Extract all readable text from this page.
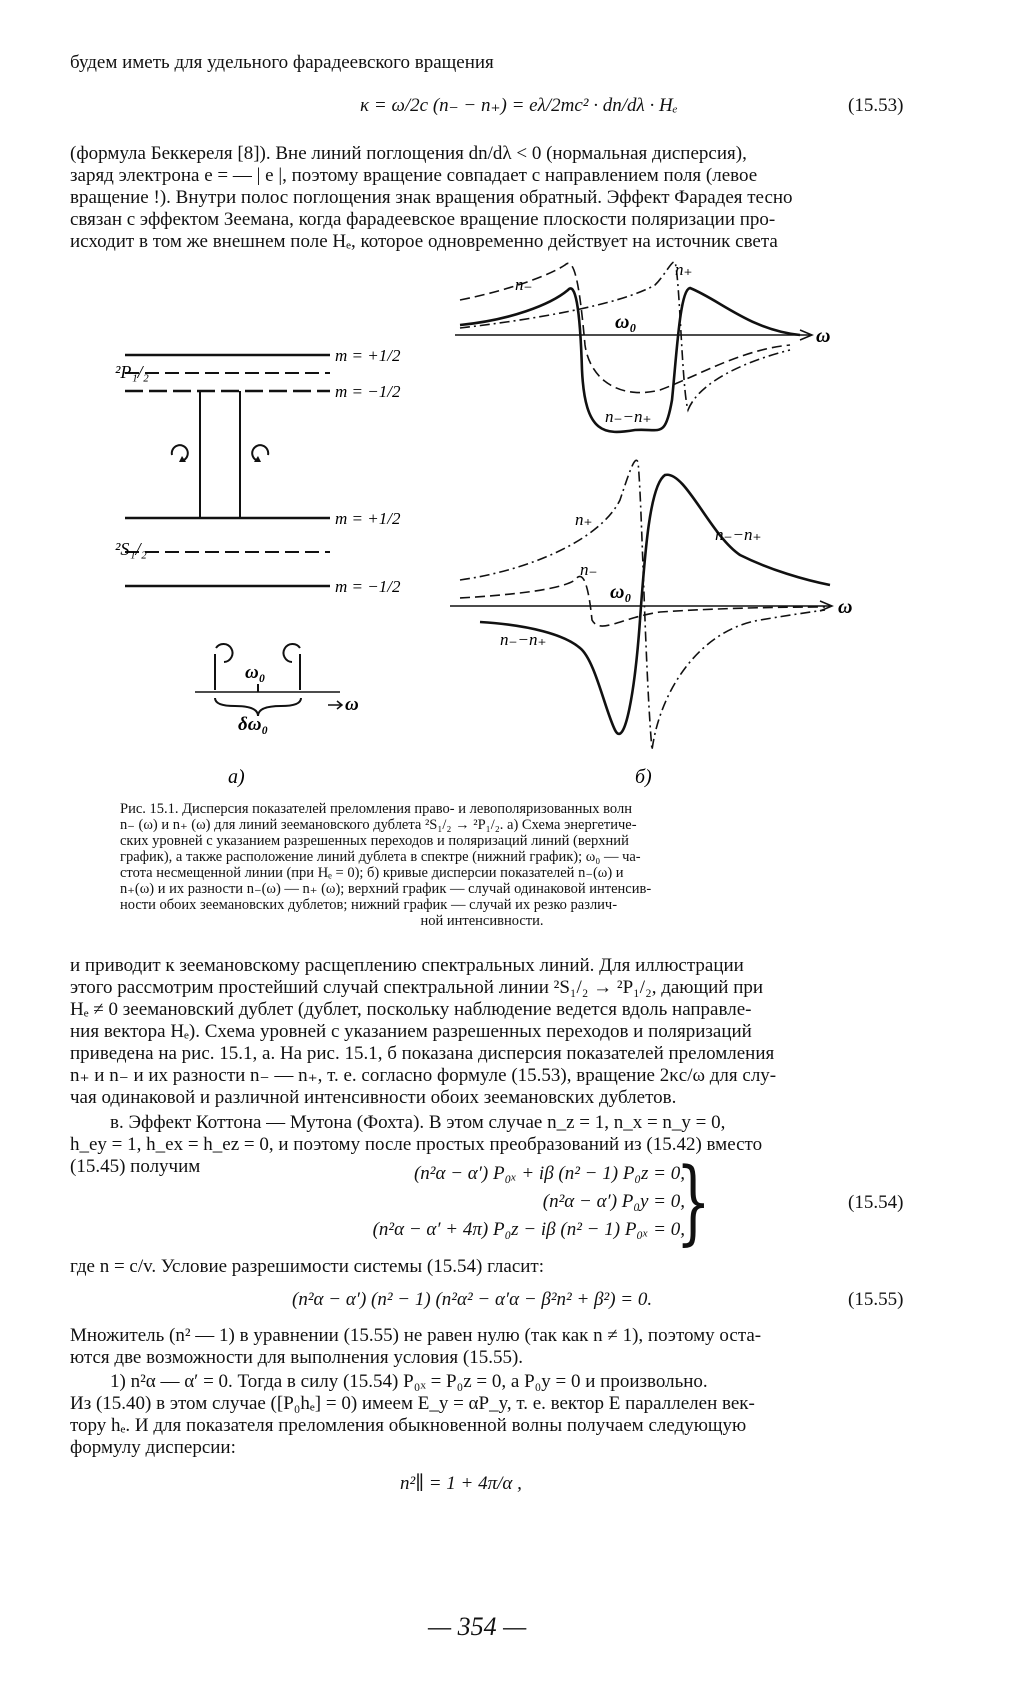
будем иметь для удельного фарадеевского вращения
κ = ω/2c (n₋ − n₊) = eλ/2mc² · dn/dλ · Hₑ	(15.53)

(формула Беккереля [8]). Вне линий поглощения dn/dλ < 0 (нормальная дисперсия),

заряд электрона e = — | e |, поэтому вращение совпадает с направлением поля (левое

вращение !). Внутри полос поглощения знак вращения обратный. Эффект Фарадея тесно

связан с эффектом Зеемана, когда фарадеевское вращение плоскости поляризации про-

исходит в том же внешнем поле Hₑ, которое одновременно действует на источник света

²P₁/₂
²S₁/₂
m = +1/2
m = −1/2
m = +1/2
m = −1/2
ω₀
ω
δω₀
а)
n₋
n₊
ω₀
n₋−n₊
ω
n₊
n₋−n₊
n₋
ω₀
n₋−n₊
ω
б)
Рис. 15.1. Дисперсия показателей преломления право- и левополяризованных волн
n₋ (ω) и n₊ (ω) для линий зеемановского дублета ²S₁/₂ → ²P₁/₂. а) Схема энергетиче-
ских уровней с указанием разрешенных переходов и поляризаций линий (верхний
график), а также расположение линий дублета в спектре (нижний график); ω₀ — ча-
стота несмещенной линии (при Hₑ = 0); б) кривые дисперсии показателей n₋(ω) и
n₊(ω) и их разности n₋(ω) — n₊ (ω); верхний график — случай одинаковой интенсив-
ности обоих зеемановских дублетов; нижний график — случай их резко различ-
ной интенсивности.

и приводит к зеемановскому расщеплению спектральных линий. Для иллюстрации

этого рассмотрим простейший случай спектральной линии ²S₁/₂ → ²P₁/₂, дающий при

Hₑ ≠ 0 зеемановский дублет (дублет, поскольку наблюдение ведется вдоль направле-

ния вектора Hₑ). Схема уровней с указанием разрешенных переходов и поляризаций

приведена на рис. 15.1, а. На рис. 15.1, б показана дисперсия показателей преломления

n₊ и n₋ и их разности n₋ — n₊, т. е. согласно формуле (15.53), вращение 2κc/ω для слу-

чая одинаковой и различной интенсивности обоих зеемановских дублетов.

в. Эффект Коттона — Мутона (Фохта). В этом случае n_z = 1, n_x = n_y = 0,

h_ey = 1, h_ex = h_ez = 0, и поэтому после простых преобразований из (15.42) вместо

(15.45) получим	(n²α − α′) P₀ₓ + iβ (n² − 1) P₀z = 0,
(n²α − α′) P₀y = 0,
(n²α − α′ + 4π) P₀z − iβ (n² − 1) P₀ₓ = 0,
}	(15.54)
где n = c/v. Условие разрешимости системы (15.54) гласит:
(n²α − α′) (n² − 1) (n²α² − α′α − β²n² + β²) = 0.	(15.55)

Множитель (n² — 1) в уравнении (15.55) не равен нулю (так как n ≠ 1), поэтому оста-

ются две возможности для выполнения условия (15.55).

1) n²α — α′ = 0. Тогда в силу (15.54) P₀ₓ = P₀z = 0, а P₀y = 0 и произвольно.

Из (15.40) в этом случае ([P₀hₑ] = 0) имеем E_y = αP_y, т. е. вектор E параллелен век-

тору hₑ. И для показателя преломления обыкновенной волны получаем следующую

формулу дисперсии:

n²∥ = 1 + 4π/α ,
— 354 —
